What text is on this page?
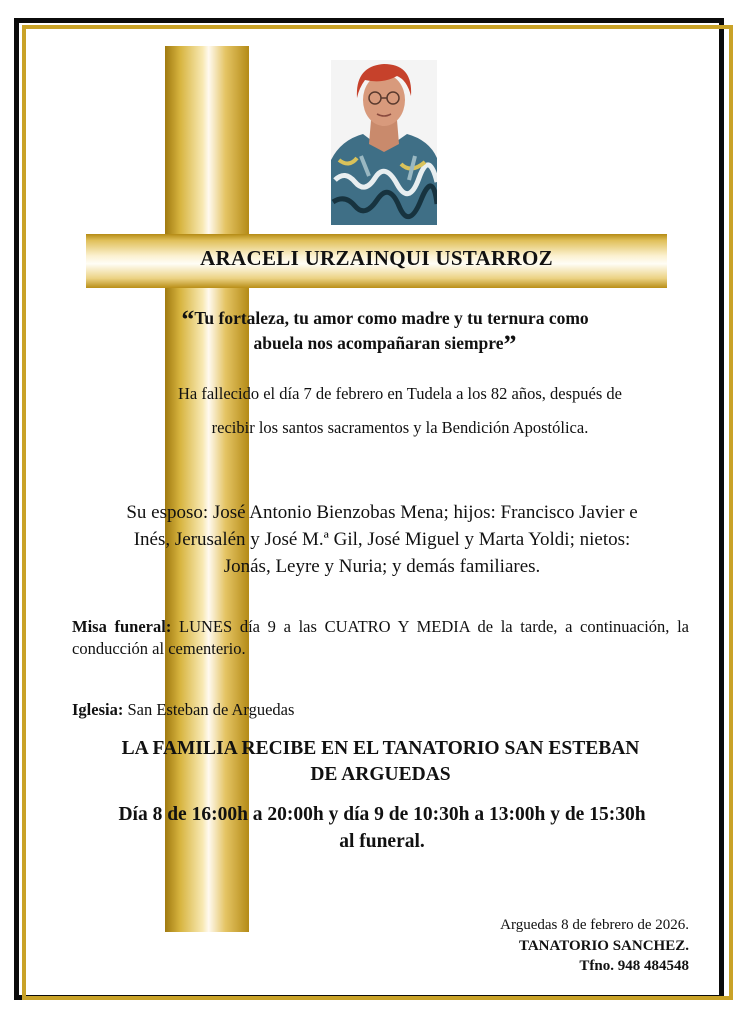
ARACELI URZAINQUI USTARROZ
“Tu fortaleza, tu amor como madre y tu ternura como
abuela nos acompañaran siempre”
Ha fallecido el día 7 de febrero en Tudela a los 82 años, después de
recibir los santos sacramentos y la Bendición Apostólica.
Su esposo: José Antonio Bienzobas Mena; hijos: Francisco Javier e
Inés, Jerusalén y José M.ª Gil, José Miguel y Marta Yoldi; nietos:
Jonás, Leyre y Nuria; y demás familiares.
Misa funeral: LUNES día 9 a las CUATRO Y MEDIA de la tarde, a continuación, la conducción al cementerio.
Iglesia: San Esteban de Arguedas
LA FAMILIA RECIBE EN EL TANATORIO SAN ESTEBAN
DE ARGUEDAS
Día 8 de 16:00h a 20:00h y día 9 de 10:30h a 13:00h y de 15:30h
al funeral.
Arguedas 8 de febrero de 2026.
TANATORIO SANCHEZ.
Tfno. 948 484548
